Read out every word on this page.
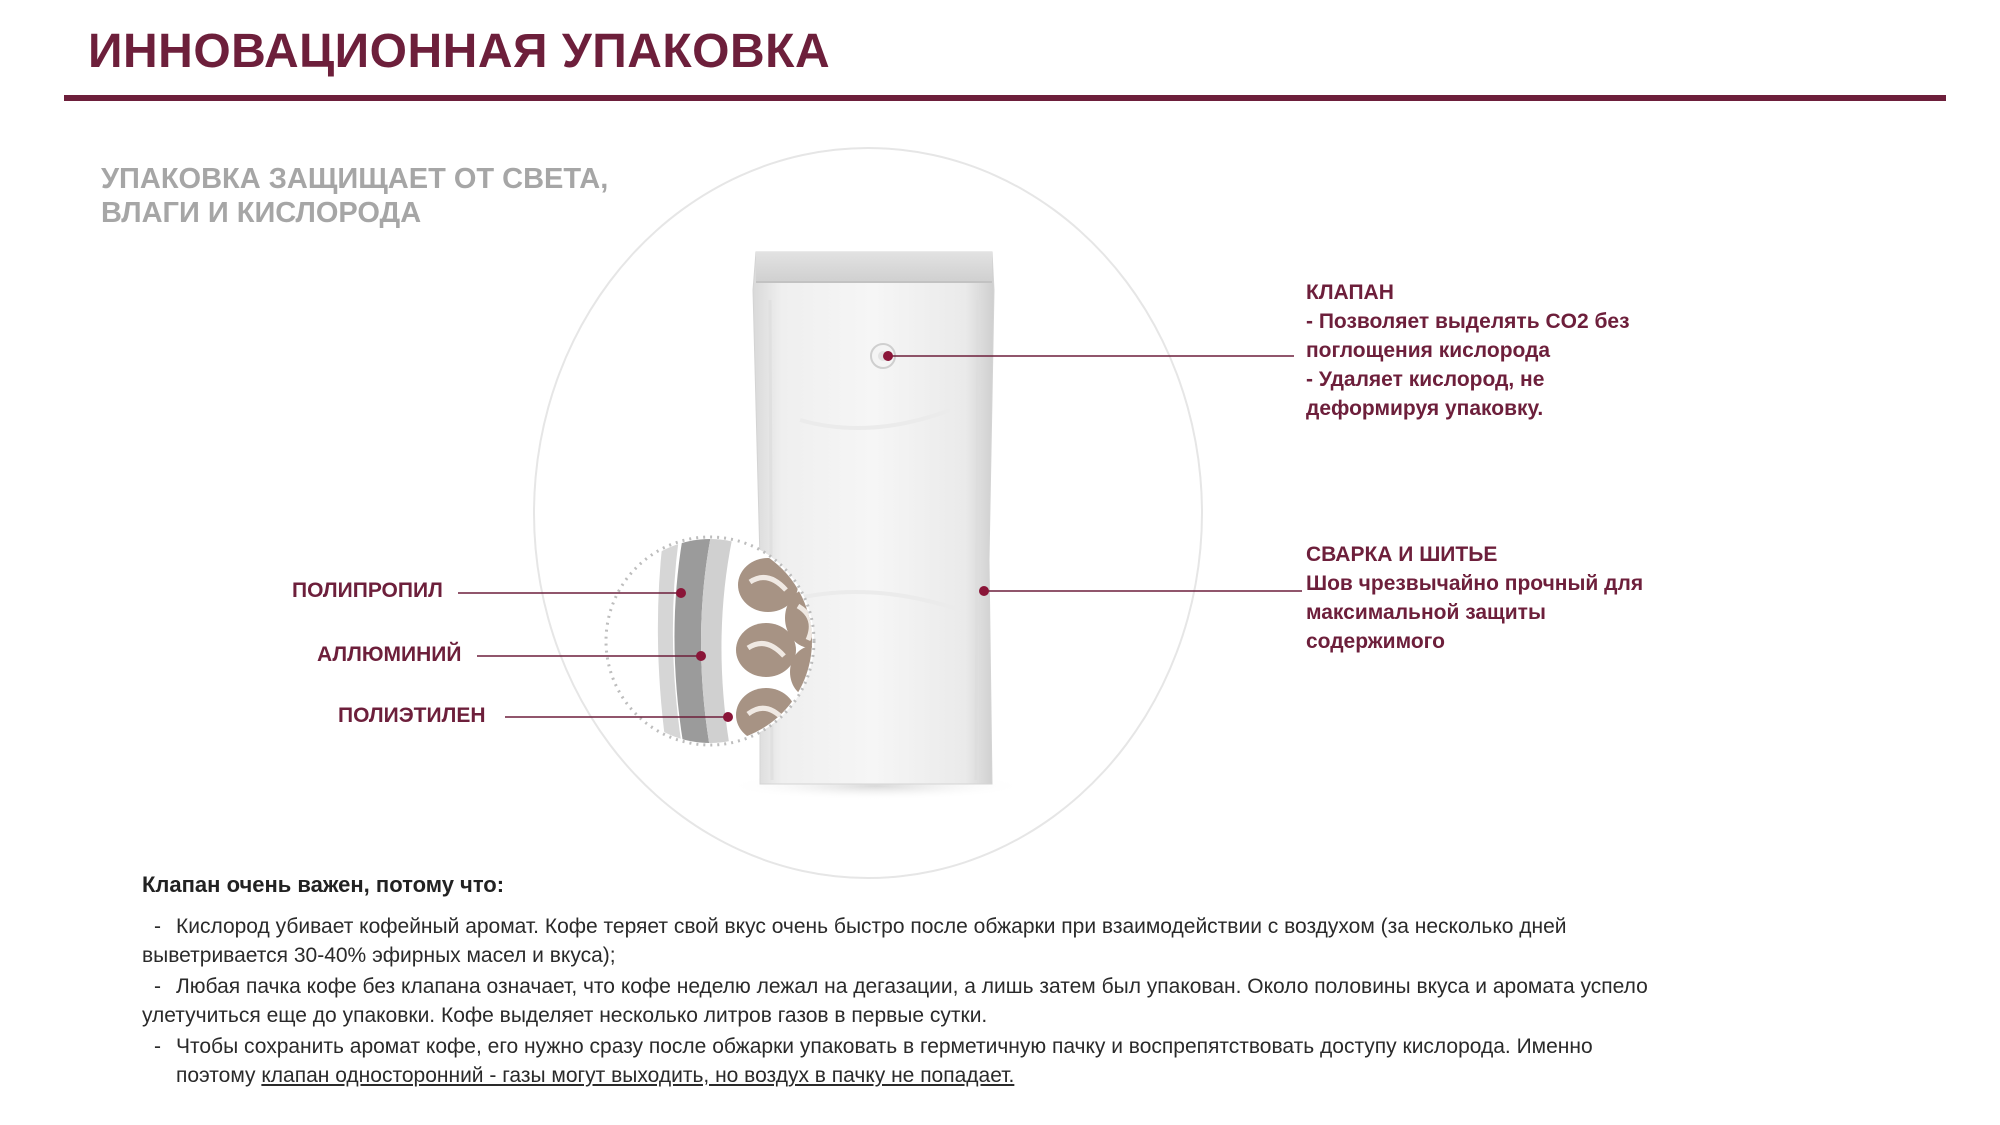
ИННОВАЦИОННАЯ УПАКОВКА
УПАКОВКА ЗАЩИЩАЕТ ОТ СВЕТА,
ВЛАГИ И КИСЛОРОДА
КЛАПАН
- Позволяет выделять CO2 без
поглощения кислорода
- Удаляет кислород, не
деформируя упаковку.
СВАРКА И ШИТЬЕ
Шов чрезвычайно прочный для
максимальной защиты
содержимого
ПОЛИПРОПИЛ
АЛЛЮМИНИЙ
ПОЛИЭТИЛЕН
Клапан очень важен, потому что:
- Кислород убивает кофейный аромат. Кофе теряет свой вкус очень быстро после обжарки при взаимодействии с воздухом (за несколько дней
выветривается 30-40% эфирных масел и вкуса);
- Любая пачка кофе без клапана означает, что кофе неделю лежал на дегазации, а лишь затем был упакован. Около половины вкуса и аромата успело
улетучиться еще до упаковки. Кофе выделяет несколько литров газов в первые сутки.
- Чтобы сохранить аромат кофе, его нужно сразу после обжарки упаковать в герметичную пачку и воспрепятствовать доступу кислорода. Именно
поэтому клапан односторонний - газы могут выходить, но воздух в пачку не попадает.
